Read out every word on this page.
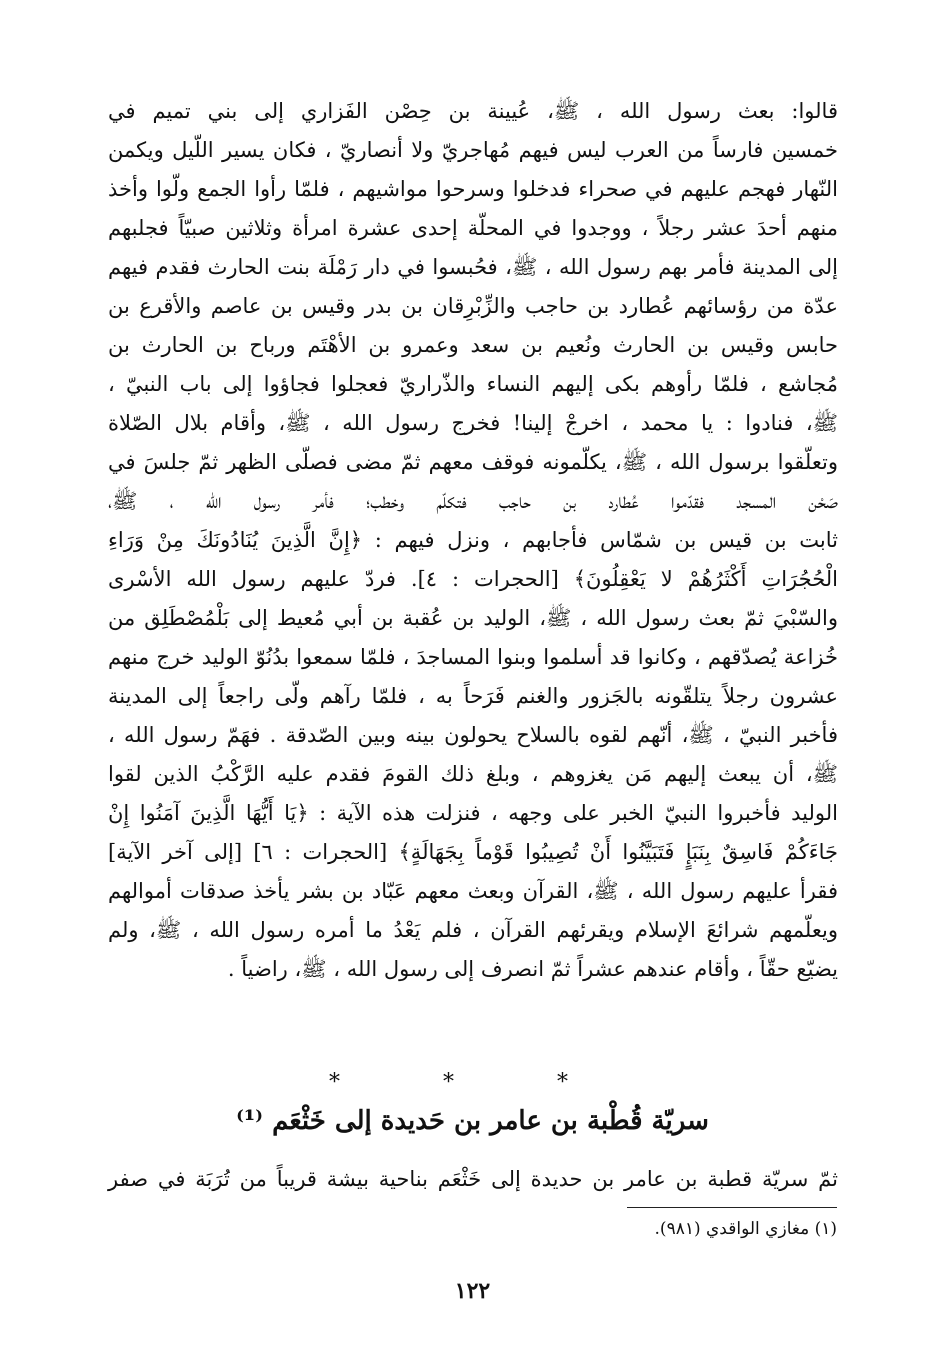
قالوا: بعث رسول الله ، ﷺ، عُيينة بن حِصْن الفَزاري إلى بني تميم في
خمسين فارساً من العرب ليس فيهم مُهاجريّ ولا أنصاريّ ، فكان يسير اللّيل ويكمن
النّهار فهجم عليهم في صحراء فدخلوا وسرحوا مواشيهم ، فلمّا رأوا الجمع ولّوا وأخذ
منهم أحدَ عشر رجلاً ، ووجدوا في المحلّة إحدى عشرة امرأة وثلاثين صبيّاً فجلبهم
إلى المدينة فأمر بهم رسول الله ، ﷺ، فحُبسوا في دار رَمْلَة بنت الحارث فقدم فيهم
عدّة من رؤسائهم عُطارد بن حاجب والزِّبْرِقان بن بدر وقيس بن عاصم والأقرع بن
حابس وقيس بن الحارث ونُعيم بن سعد وعمرو بن الأهْتَم ورباح بن الحارث بن
مُجاشع ، فلمّا رأوهم بكى إليهم النساء والذّراريّ فعجلوا فجاؤوا إلى باب النبيّ ،
ﷺ، فنادوا : يا محمد ، اخرجْ إلينا! فخرج رسول الله ، ﷺ، وأقام بلال الصّلاة
وتعلّقوا برسول الله ، ﷺ، يكلّمونه فوقف معهم ثمّ مضى فصلّى الظهر ثمّ جلسَ في
صَحْن المسجد فقدّموا عُطارد بن حاجب فتكلّم وخطب؛ فأمر رسول الله ، ﷺ،
ثابت بن قيس بن شمّاس فأجابهم ، ونزل فيهم : ﴿إِنَّ الَّذِينَ يُنَادُونَكَ مِنْ وَرَاءِ
الْحُجُرَاتِ أَكْثَرُهُمْ لا يَعْقِلُونَ﴾ [الحجرات : ٤]. فردّ عليهم رسول الله الأسْرى
والسّبْيَ ثمّ بعث رسول الله ، ﷺ، الوليد بن عُقبة بن أبي مُعيط إلى بَلْمُصْطَلِق من
خُزاعة يُصدّقهم ، وكانوا قد أسلموا وبنوا المساجدَ ، فلمّا سمعوا بدُنُوّ الوليد خرج منهم
عشرون رجلاً يتلقّونه بالجَزور والغنم فَرَحاً به ، فلمّا رآهم ولّى راجعاً إلى المدينة
فأخبر النبيّ ، ﷺ، أنّهم لقوه بالسلاح يحولون بينه وبين الصّدقة . فهَمّ رسول الله ،
ﷺ، أن يبعث إليهم مَن يغزوهم ، وبلغ ذلك القومَ فقدم عليه الرَّكْبُ الذين لقوا
الوليد فأخبروا النبيّ الخبر على وجهه ، فنزلت هذه الآية : ﴿يَا أَيُّهَا الَّذِينَ آمَنُوا إِنْ
جَاءَكُمْ فَاسِقٌ بِنَبَإٍ فَتَبَيَّنُوا أَنْ تُصِيبُوا قَوْماً بِجَهَالَةٍ﴾ [الحجرات : ٦] [إلى آخر الآية]
فقرأ عليهم رسول الله ، ﷺ، القرآن وبعث معهم عَبّاد بن بشر يأخذ صدقات أموالهم
ويعلّمهم شرائعَ الإسلام ويقرئهم القرآن ، فلم يَعْدُ ما أمره رسول الله ، ﷺ، ولم
يضيّع حقّاً ، وأقام عندهم عشراً ثمّ انصرف إلى رسول الله ، ﷺ، راضياً .
* * *
سريّة قُطْبة بن عامر بن حَديدة إلى خَثْعَم ⁽¹⁾
ثمّ سريّة قطبة بن عامر بن حديدة إلى خَثْعَم بناحية بيشة قريباً من تُرَبَة في صفر
(١) مغازي الواقدي (٩٨١).
١٢٢
